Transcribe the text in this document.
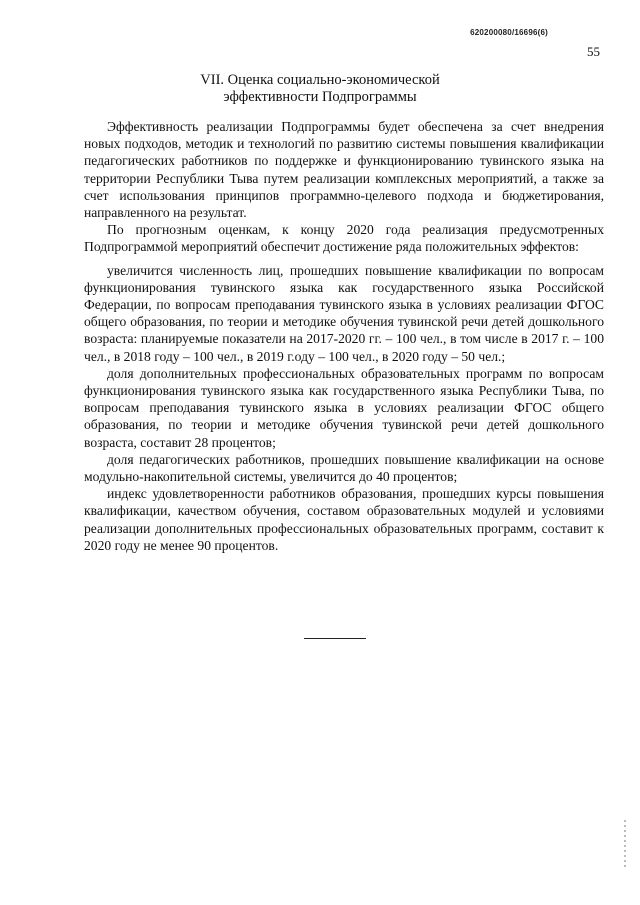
620200080/16696(6)
55
VII. Оценка социально-экономической
эффективности Подпрограммы

Эффективность реализации Подпрограммы будет обеспечена за счет внедрения новых подходов, методик и технологий по развитию системы повышения квалификации педагогических работников по поддержке и функционированию тувинского языка на территории Республики Тыва путем реализации комплексных мероприятий, а также за счет использования принципов программно-целевого подхода и бюджетирования, направленного на результат.

По прогнозным оценкам, к концу 2020 года реализация предусмотренных Подпрограммой мероприятий обеспечит достижение ряда положительных эффектов:

увеличится численность лиц, прошедших повышение квалификации по вопросам функционирования тувинского языка как государственного языка Российской Федерации, по вопросам преподавания тувинского языка в условиях реализации ФГОС общего образования, по теории и методике обучения тувинской речи детей дошкольного возраста: планируемые показатели на 2017-2020 гг. – 100 чел., в том числе в 2017 г. – 100 чел., в 2018 году – 100 чел., в 2019 г.оду – 100 чел., в 2020 году – 50 чел.;

доля дополнительных профессиональных образовательных программ по вопросам функционирования тувинского языка как государственного языка Республики Тыва, по вопросам преподавания тувинского языка в условиях реализации ФГОС общего образования, по теории и методике обучения тувинской речи детей дошкольного возраста, составит 28 процентов;

доля педагогических работников, прошедших повышение квалификации на основе модульно-накопительной системы, увеличится до 40 процентов;

индекс удовлетворенности работников образования, прошедших курсы повышения квалификации, качеством обучения, составом образовательных модулей и условиями реализации дополнительных профессиональных образовательных программ, составит к 2020 году не менее 90 процентов.
